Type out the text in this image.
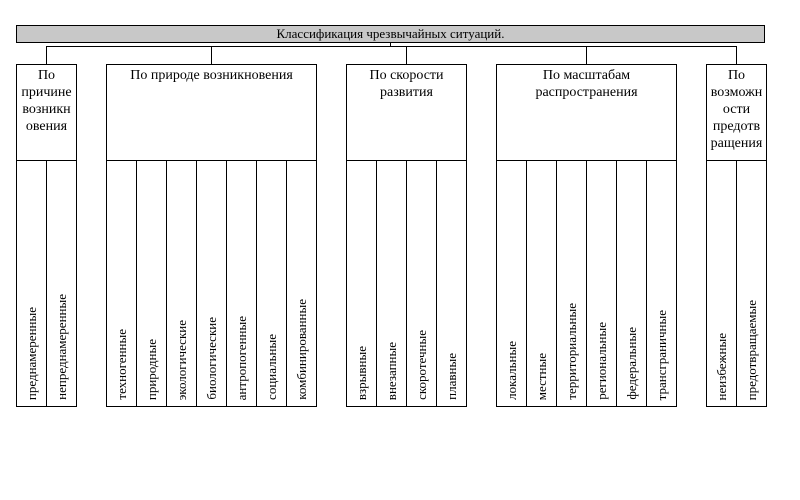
Классификация чрезвычайных ситуаций.
По
причине
возникн
овения
преднамеренные непреднамеренные
По природе возникновения
техногенные природные экологические биологические антропогенные социальные комбинированные
По скорости
развития
взрывные внезапные скоротечные плавные
По масштабам
распространения
локальные местные территориальные региональные федеральные трансграничные
По
возможн
ости
предотв
ращения
неизбежные предотвращаемые
